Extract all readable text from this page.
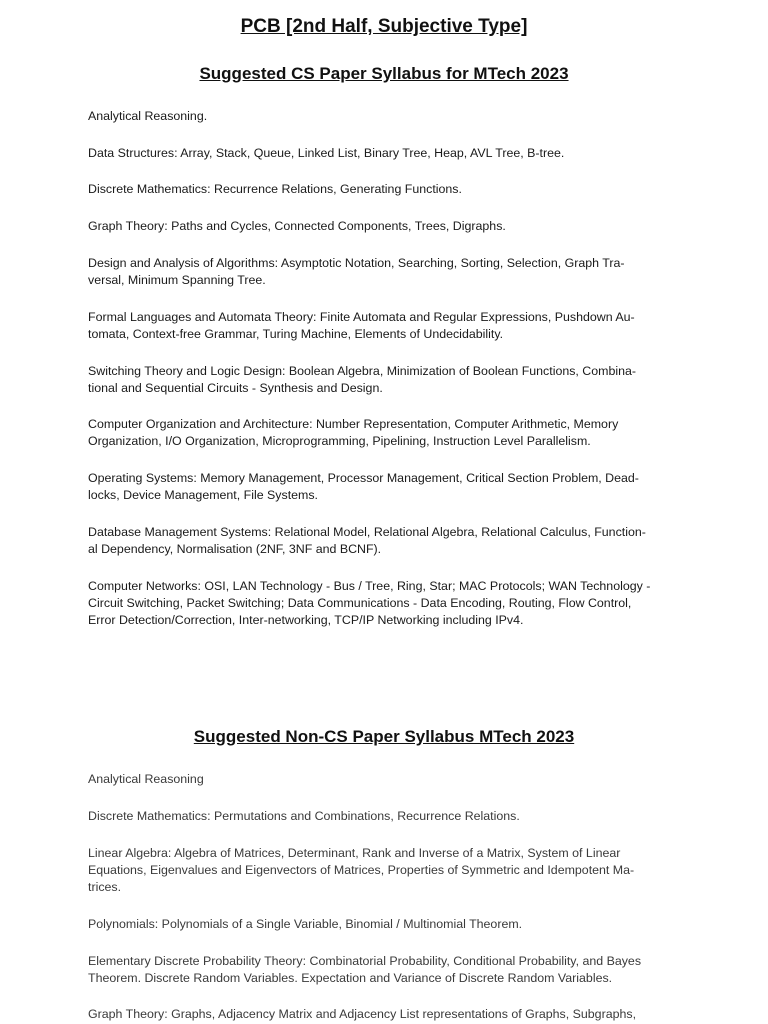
PCB [2nd Half, Subjective Type]
Suggested CS Paper Syllabus for MTech 2023
Analytical Reasoning.
Data Structures: Array, Stack, Queue, Linked List, Binary Tree, Heap, AVL Tree, B-tree.
Discrete Mathematics: Recurrence Relations, Generating Functions.
Graph Theory: Paths and Cycles, Connected Components, Trees, Digraphs.
Design and Analysis of Algorithms: Asymptotic Notation, Searching, Sorting, Selection, Graph Tra-
versal, Minimum Spanning Tree.
Formal Languages and Automata Theory: Finite Automata and Regular Expressions, Pushdown Au-
tomata, Context-free Grammar, Turing Machine, Elements of Undecidability.
Switching Theory and Logic Design: Boolean Algebra, Minimization of Boolean Functions, Combina-
tional and Sequential Circuits - Synthesis and Design.
Computer Organization and Architecture: Number Representation, Computer Arithmetic, Memory
Organization, I/O Organization, Microprogramming, Pipelining, Instruction Level Parallelism.
Operating Systems: Memory Management, Processor Management, Critical Section Problem, Dead-
locks, Device Management, File Systems.
Database Management Systems: Relational Model, Relational Algebra, Relational Calculus, Function-
al Dependency, Normalisation (2NF, 3NF and BCNF).
Computer Networks: OSI, LAN Technology - Bus / Tree, Ring, Star; MAC Protocols; WAN Technology -
Circuit Switching, Packet Switching; Data Communications - Data Encoding, Routing, Flow Control,
Error Detection/Correction, Inter-networking, TCP/IP Networking including IPv4.
Suggested Non-CS Paper Syllabus MTech 2023
Analytical Reasoning
Discrete Mathematics: Permutations and Combinations, Recurrence Relations.
Linear Algebra: Algebra of Matrices, Determinant, Rank and Inverse of a Matrix, System of Linear
Equations, Eigenvalues and Eigenvectors of Matrices, Properties of Symmetric and Idempotent Ma-
trices.
Polynomials: Polynomials of a Single Variable, Binomial / Multinomial Theorem.
Elementary Discrete Probability Theory: Combinatorial Probability, Conditional Probability, and Bayes
Theorem. Discrete Random Variables. Expectation and Variance of Discrete Random Variables.
Graph Theory: Graphs, Adjacency Matrix and Adjacency List representations of Graphs, Subgraphs,
